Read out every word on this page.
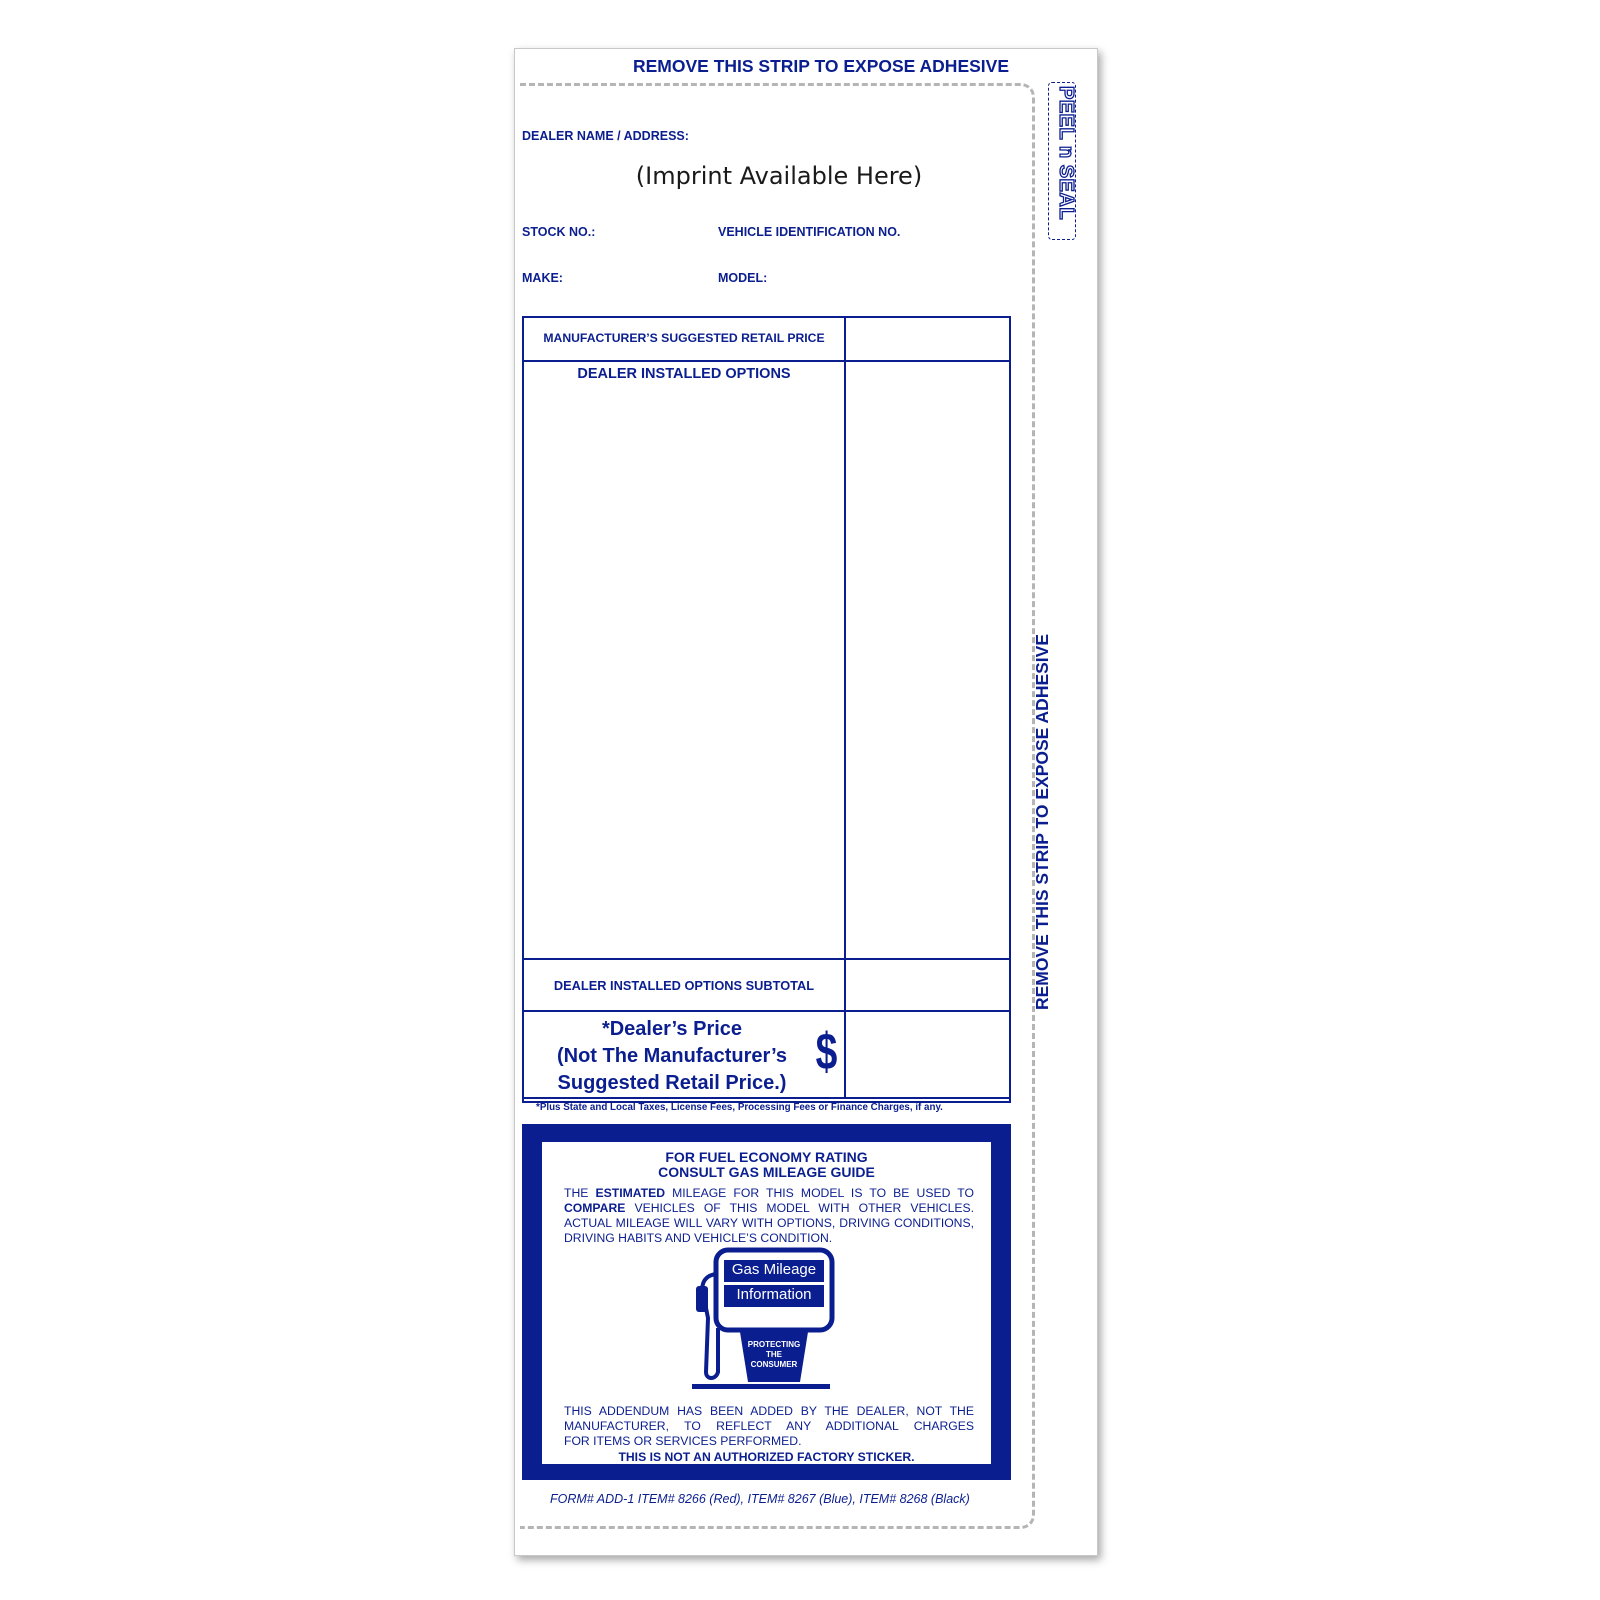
REMOVE THIS STRIP TO EXPOSE ADHESIVE
DEALER NAME / ADDRESS:
(Imprint Available Here)
STOCK NO.:	VEHICLE IDENTIFICATION NO.
MAKE:	MODEL:
REMOVE THIS STRIP TO EXPOSE ADHESIVE
PEEL n SEAL
MANUFACTURER’S SUGGESTED RETAIL PRICE
DEALER INSTALLED OPTIONS
DEALER INSTALLED OPTIONS SUBTOTAL
*Dealer’s Price
(Not The Manufacturer’s
Suggested Retail Price.)
$
*Plus State and Local Taxes, License Fees, Processing Fees or Finance Charges, if any.
FOR FUEL ECONOMY RATING
CONSULT GAS MILEAGE GUIDE
THE ESTIMATED MILEAGE FOR THIS MODEL IS TO BE USED TO
COMPARE VEHICLES OF THIS MODEL WITH OTHER VEHICLES.
ACTUAL MILEAGE WILL VARY WITH OPTIONS, DRIVING CONDITIONS,
DRIVING HABITS AND VEHICLE’S CONDITION.
Gas Mileage
Information
PROTECTING
THE
CONSUMER
THIS ADDENDUM HAS BEEN ADDED BY THE DEALER, NOT THE
MANUFACTURER, TO REFLECT ANY ADDITIONAL CHARGES
FOR ITEMS OR SERVICES PERFORMED.
THIS IS NOT AN AUTHORIZED FACTORY STICKER.
FORM# ADD-1 ITEM# 8266 (Red), ITEM# 8267 (Blue), ITEM# 8268 (Black)
